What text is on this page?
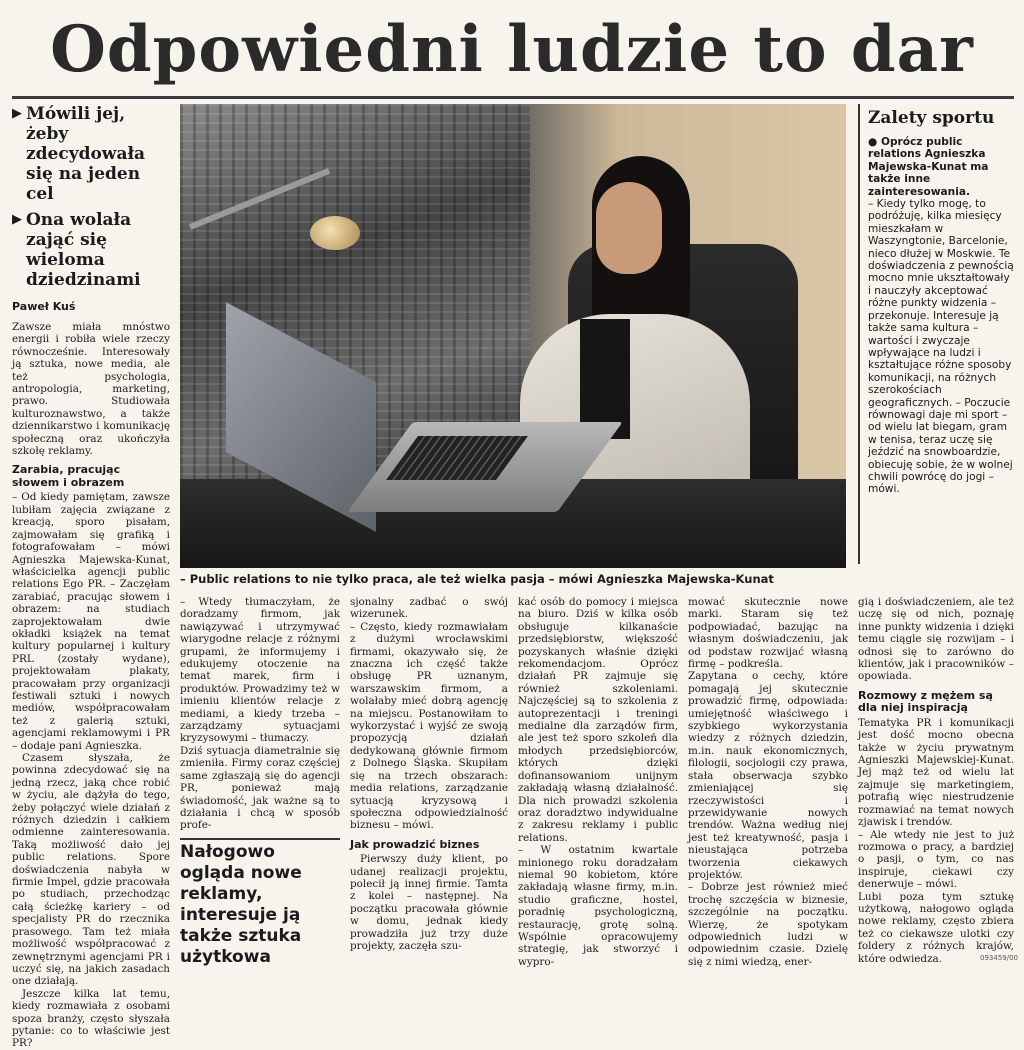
Odpowiedni ludzie to dar
▶ Mówili jej, żeby zdecydowała się na jeden cel
▶ Ona wolała zająć się wieloma dziedzinami
Paweł Kuś

Zawsze miała mnóstwo energii i robiła wiele rzeczy równocześnie. Interesowały ją sztuka, nowe media, ale też psychologia, antropologia, marketing, prawo. Studiowała kulturoznawstwo, a także dziennikarstwo i komunikację społeczną oraz ukończyła szkołę reklamy.

Zarabia, pracując słowem i obrazem

– Od kiedy pamiętam, zawsze lubiłam zajęcia związane z kreacją, sporo pisałam, zajmowałam się grafiką i fotografowałam – mówi Agnieszka Majewska-Kunat, właścicielka agencji public relations Ego PR. – Zaczęłam zarabiać, pracując słowem i obrazem: na studiach zaprojektowałam dwie okładki książek na temat kultury popularnej i kultury PRL (zostały wydane), projektowałam plakaty, pracowałam przy organizacji festiwali sztuki i nowych mediów, współpracowałam też z galerią sztuki, agencjami reklamowymi i PR – dodaje pani Agnieszka.

Czasem słyszała, że powinna zdecydować się na jedną rzecz, jaką chce robić w życiu, ale dążyła do tego, żeby połączyć wiele działań z różnych dziedzin i całkiem odmienne zainteresowania. Taką możliwość dało jej public relations. Spore doświadczenia nabyła w firmie Impel, gdzie pracowała po studiach, przechodząc całą ścieżkę kariery – od specjalisty PR do rzecznika prasowego. Tam też miała możliwość współpracować z zewnętrznymi agencjami PR i uczyć się, na jakich zasadach one działają.

Jeszcze kilka lat temu, kiedy rozmawiała z osobami spoza branży, często słyszała pytanie: co to właściwie jest PR?

FOT. PIOTR WARCZAK
– Public relations to nie tylko praca, ale też wielka pasja – mówi Agnieszka Majewska-Kunat
Zalety sportu

● Oprócz public relations Agnieszka Majewska-Kunat ma także inne zainteresowania.

– Kiedy tylko mogę, to podróżuję, kilka miesięcy mieszkałam w Waszyngtonie, Barcelonie, nieco dłużej w Moskwie. Te doświadczenia z pewnością mocno mnie ukształtowały i nauczyły akceptować różne punkty widzenia – przekonuje. Interesuje ją także sama kultura – wartości i zwyczaje wpływające na ludzi i kształtujące różne sposoby komunikacji, na różnych szerokościach geograficznych. – Poczucie równowagi daje mi sport – od wielu lat biegam, gram w tenisa, teraz uczę się jeździć na snowboardzie, obiecuję sobie, że w wolnej chwili powrócę do jogi – mówi.

– Wtedy tłumaczyłam, że doradzamy firmom, jak nawiązywać i utrzymywać wiarygodne relacje z różnymi grupami, że informujemy i edukujemy otoczenie na temat marek, firm i produktów. Prowadzimy też w imieniu klientów relacje z mediami, a kiedy trzeba – zarządzamy sytuacjami kryzysowymi – tłumaczy.
Dziś sytuacja diametralnie się zmieniła. Firmy coraz częściej same zgłaszają się do agencji PR, ponieważ mają świadomość, jak ważne są to działania i chcą w sposób profe-
Nałogowo ogląda nowe reklamy, interesuje ją także sztuka użytkowa

sjonalny zadbać o swój wizerunek.
– Często, kiedy rozmawiałam z dużymi wrocławskimi firmami, okazywało się, że znaczna ich część także obsługę PR uznanym, warszawskim firmom, a wolałaby mieć dobrą agencję na miejscu. Postanowiłam to wykorzystać i wyjść ze swoją propozycją działań dedykowaną głównie firmom z Dolnego Śląska. Skupiłam się na trzech obszarach: media relations, zarządzanie sytuacją kryzysową i społeczna odpowiedzialność biznesu – mówi.

Jak prowadzić biznes

Pierwszy duży klient, po udanej realizacji projektu, polecił ją innej firmie. Tamta z kolei – następnej. Na początku pracowała głównie w domu, jednak kiedy prowadziła już trzy duże projekty, zaczęła szu-

kać osób do pomocy i miejsca na biuro. Dziś w kilka osób obsługuje kilkanaście przedsiębiorstw, większość pozyskanych właśnie dzięki rekomendacjom. Oprócz działań PR zajmuje się również szkoleniami. Najczęściej są to szkolenia z autoprezentacji i treningi medialne dla zarządów firm, ale jest też sporo szkoleń dla młodych przedsiębiorców, których dzięki dofinansowaniom unijnym zakładają własną działalność. Dla nich prowadzi szkolenia oraz doradztwo indywidualne z zakresu reklamy i public relations.
– W ostatnim kwartale minionego roku doradzałam niemal 90 kobietom, które zakładają własne firmy, m.in. studio graficzne, hostel, poradnię psychologiczną, restaurację, grotę solną. Wspólnie opracowujemy strategię, jak stworzyć i wypro-
mować skutecznie nowe marki. Staram się też podpowiadać, bazując na własnym doświadczeniu, jak od podstaw rozwijać własną firmę – podkreśla.
Zapytana o cechy, które pomagają jej skutecznie prowadzić firmę, odpowiada: umiejętność właściwego i szybkiego wykorzystania wiedzy z różnych dziedzin, m.in. nauk ekonomicznych, filologii, socjologii czy prawa, stała obserwacja szybko zmieniającej się rzeczywistości i przewidywanie nowych trendów. Ważna według niej jest też kreatywność, pasja i nieustająca potrzeba tworzenia ciekawych projektów.
– Dobrze jest również mieć trochę szczęścia w biznesie, szczególnie na początku. Wierzę, że spotykam odpowiednich ludzi w odpowiednim czasie. Dzielę się z nimi wiedzą, ener-

gią i doświadczeniem, ale też uczę się od nich, poznaję inne punkty widzenia i dzięki temu ciągle się rozwijam – i odnosi się to zarówno do klientów, jak i pracowników – opowiada.

Rozmowy z mężem są dla niej inspiracją

Tematyka PR i komunikacji jest dość mocno obecna także w życiu prywatnym Agnieszki Majewskiej-Kunat. Jej mąż też od wielu lat zajmuje się marketingiem, potrafią więc niestrudzenie rozmawiać na temat nowych zjawisk i trendów.
– Ale wtedy nie jest to już rozmowa o pracy, a bardziej o pasji, o tym, co nas inspiruje, ciekawi czy denerwuje – mówi.
Lubi poza tym sztukę użytkową, nałogowo ogląda nowe reklamy, często zbiera też co ciekawsze ulotki czy foldery z różnych krajów, które odwiedza.	093459/00
